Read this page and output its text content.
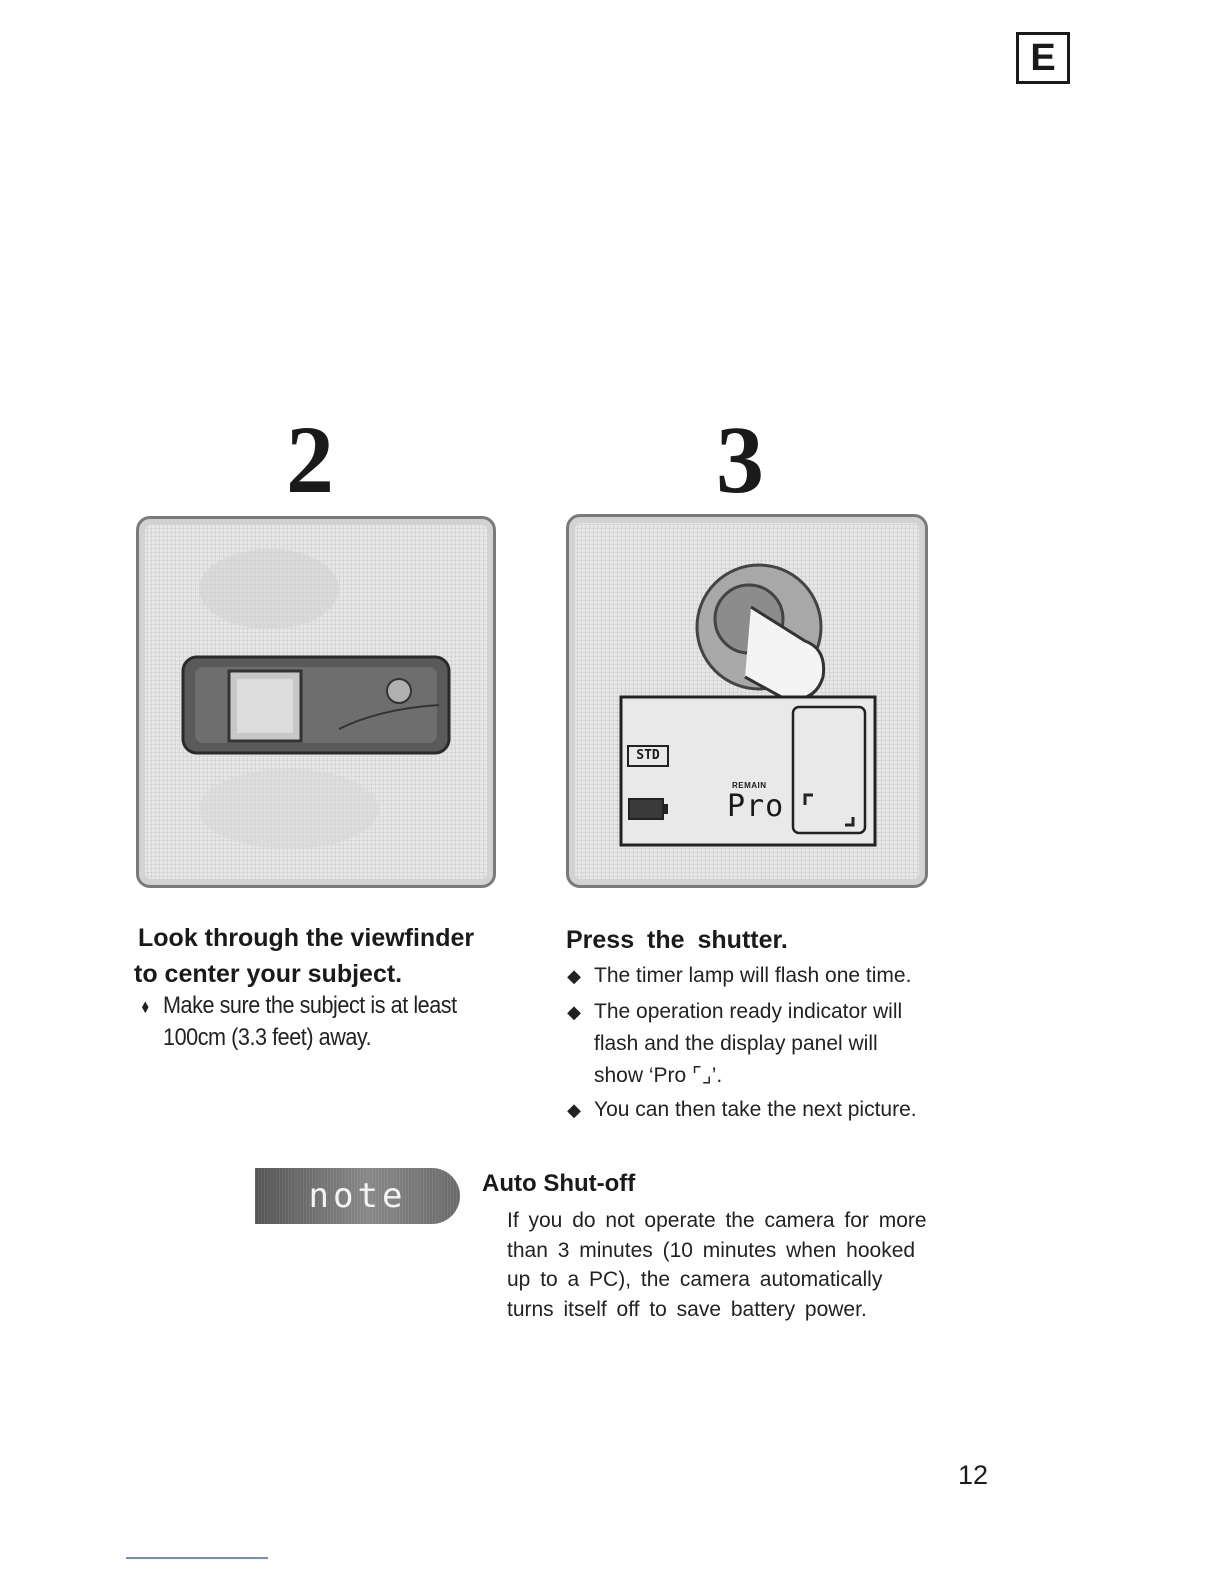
E
2
Look through the viewfinder
to center your subject.
⬧ Make sure the subject is at least
100cm (3.3 feet) away.
3
STD
REMAIN
Pro
Press the shutter.
◆ The timer lamp will flash one time.
◆ The operation ready indicator will
flash and the display panel will
show ‘Pro ⌜⌟’.
◆ You can then take the next picture.
note	Auto Shut-off
If you do not operate the camera for more
than 3 minutes (10 minutes when hooked
up to a PC), the camera automatically
turns itself off to save battery power.
12
